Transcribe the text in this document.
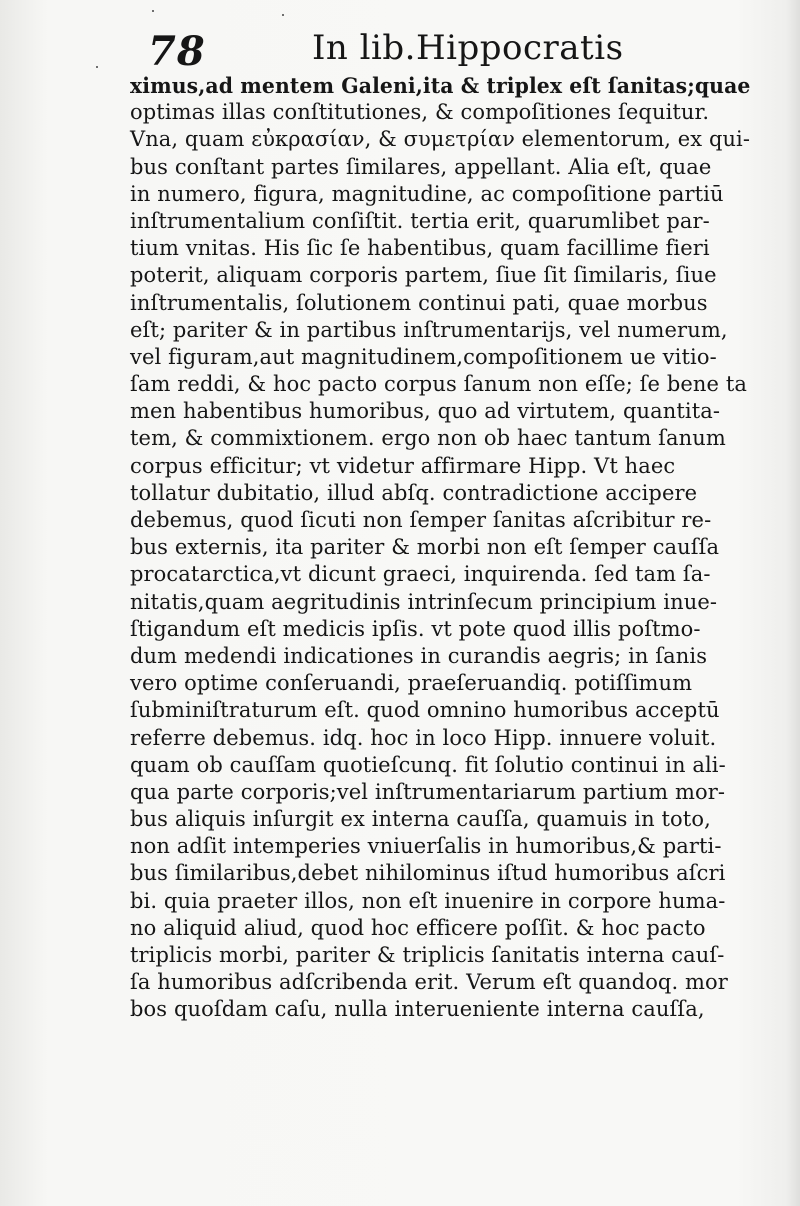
78	In lib.Hippocratis
ximus,ad mentem Galeni,ita & triplex eſt ſanitas;quae
optimas illas conſtitutiones, & compoſitiones ſequitur.
Vna, quam εὐκρασίαν, & συμετρίαν elementorum, ex qui-
bus conſtant partes ſimilares, appellant. Alia eſt, quae
in numero, figura, magnitudine, ac compoſitione partiū
inſtrumentalium conſiſtit. tertia erit, quarumlibet par-
tium vnitas. His ſic ſe habentibus, quam facillime fieri
poterit, aliquam corporis partem, ſiue ſit ſimilaris, ſiue
inſtrumentalis, ſolutionem continui pati, quae morbus
eſt; pariter & in partibus inſtrumentarijs, vel numerum,
vel figuram,aut magnitudinem,compoſitionem ue vitio-
ſam reddi, & hoc pacto corpus ſanum non eſſe; ſe bene ta
men habentibus humoribus, quo ad virtutem, quantita-
tem, & commixtionem. ergo non ob haec tantum ſanum
corpus efficitur; vt videtur affirmare Hipp. Vt haec
tollatur dubitatio, illud abſq. contradictione accipere
debemus, quod ſicuti non ſemper ſanitas aſcribitur re-
bus externis, ita pariter & morbi non eſt ſemper cauſſa
procatarctica,vt dicunt graeci, inquirenda. ſed tam ſa-
nitatis,quam aegritudinis intrinſecum principium inue-
ſtigandum eſt medicis ipſis. vt pote quod illis poſtmo-
dum medendi indicationes in curandis aegris; in ſanis
vero optime conſeruandi, praeſeruandiq. potiſſimum
ſubminiſtraturum eſt. quod omnino humoribus acceptū
referre debemus. idq. hoc in loco Hipp. innuere voluit.
quam ob cauſſam quotieſcunq. fit ſolutio continui in ali-
qua parte corporis;vel inſtrumentariarum partium mor-
bus aliquis inſurgit ex interna cauſſa, quamuis in toto,
non adſit intemperies vniuerſalis in humoribus,& parti-
bus ſimilaribus,debet nihilominus iſtud humoribus aſcri
bi. quia praeter illos, non eſt inuenire in corpore huma-
no aliquid aliud, quod hoc efficere poſſit. & hoc pacto
triplicis morbi, pariter & triplicis ſanitatis interna cauſ-
ſa humoribus adſcribenda erit. Verum eſt quandoq. mor
bos quoſdam caſu, nulla interueniente interna cauſſa,
